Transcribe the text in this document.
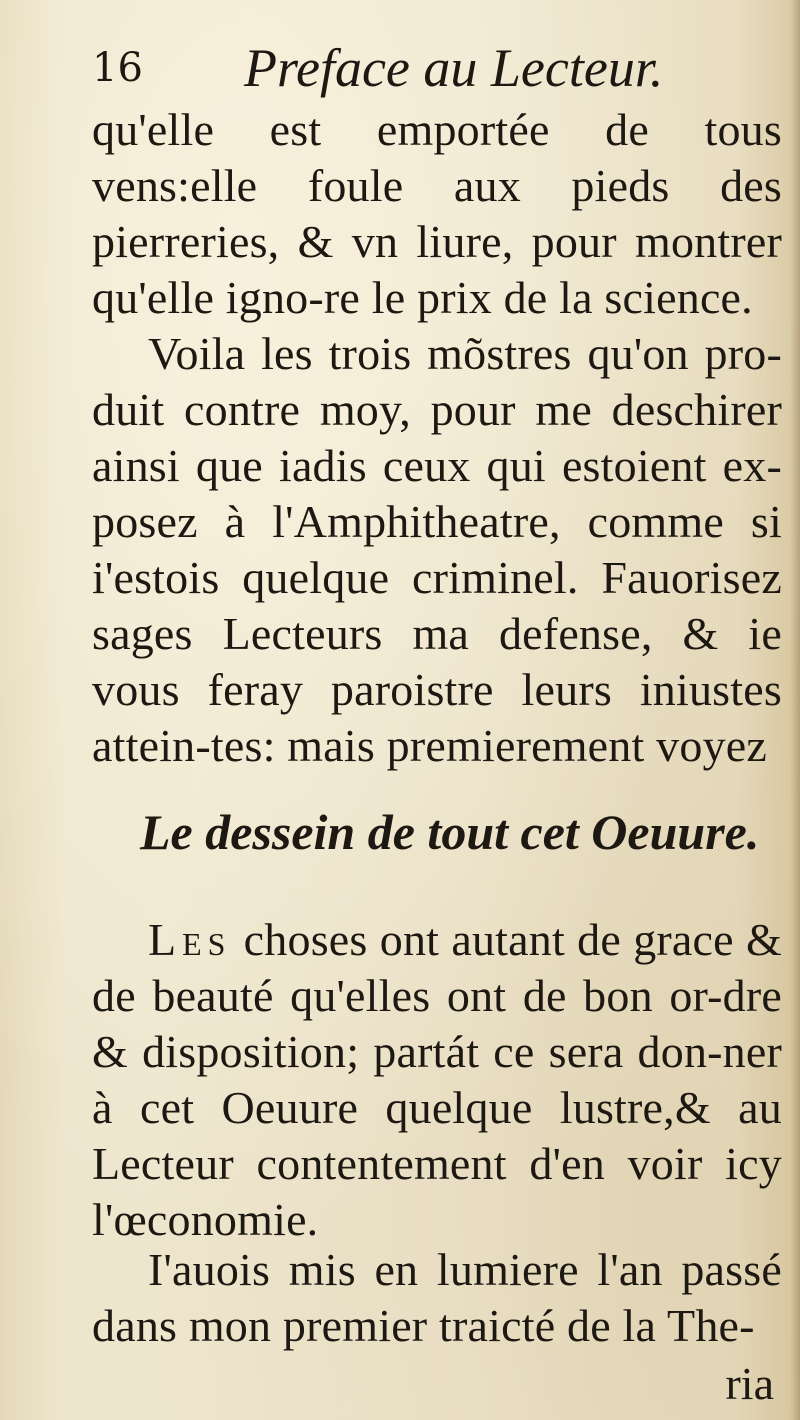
16 Preface au Lecteur.

qu'elle est emportée de tous vens:elle foule aux pieds des pierreries, & vn liure, pour montrer qu'elle igno-re le prix de la science.

Voila les trois mõstres qu'on pro-duit contre moy, pour me deschirer ainsi que iadis ceux qui estoient ex-posez à l'Amphitheatre, comme si i'estois quelque criminel. Fauorisez sages Lecteurs ma defense, & ie vous feray paroistre leurs iniustes attein-tes: mais premierement voyez

Le dessein de tout cet Oeuure.

Les choses ont autant de grace & de beauté qu'elles ont de bon or-dre & disposition; partát ce sera don-ner à cet Oeuure quelque lustre,& au Lecteur contentement d'en voir icy l'œconomie.

I'auois mis en lumiere l'an passé dans mon premier traicté de la The-

ria
